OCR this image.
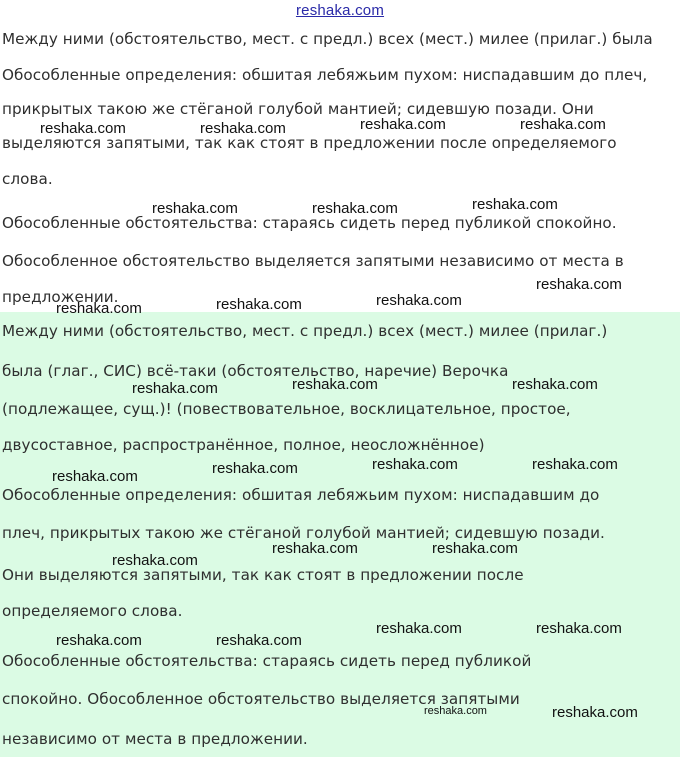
reshaka.com
Между ними (обстоятельство, мест. с предл.) всех (мест.) милее (прилаг.) была
Обособленные определения: обшитая лебяжьим пухом: ниспадавшим до плеч,
прикрытых такою же стёганой голубой мантией; сидевшую позади. Они
выделяются запятыми, так как стоят в предложении после определяемого
слова.
Обособленные обстоятельства: стараясь сидеть перед публикой спокойно.
Обособленное обстоятельство выделяется запятыми независимо от места в
предложении.
Между ними (обстоятельство, мест. с предл.) всех (мест.) милее (прилаг.)
была (глаг., СИС) всё-таки (обстоятельство, наречие) Верочка
(подлежащее, сущ.)! (повествовательное, восклицательное, простое,
двусоставное, распространённое, полное, неосложнённое)
Обособленные определения: обшитая лебяжьим пухом: ниспадавшим до
плеч, прикрытых такою же стёганой голубой мантией; сидевшую позади.
Они выделяются запятыми, так как стоят в предложении после
определяемого слова.
Обособленные обстоятельства: стараясь сидеть перед публикой
спокойно. Обособленное обстоятельство выделяется запятыми
независимо от места в предложении.
reshaka.com	reshaka.com	reshaka.com	reshaka.com
reshaka.com	reshaka.com	reshaka.com
reshaka.com	reshaka.com	reshaka.com
reshaka.com
reshaka.com	reshaka.com	reshaka.com
reshaka.com	reshaka.com	reshaka.com	reshaka.com
reshaka.com
reshaka.com	reshaka.com
reshaka.com	reshaka.com
reshaka.com	reshaka.com
reshaka.com	reshaka.com
